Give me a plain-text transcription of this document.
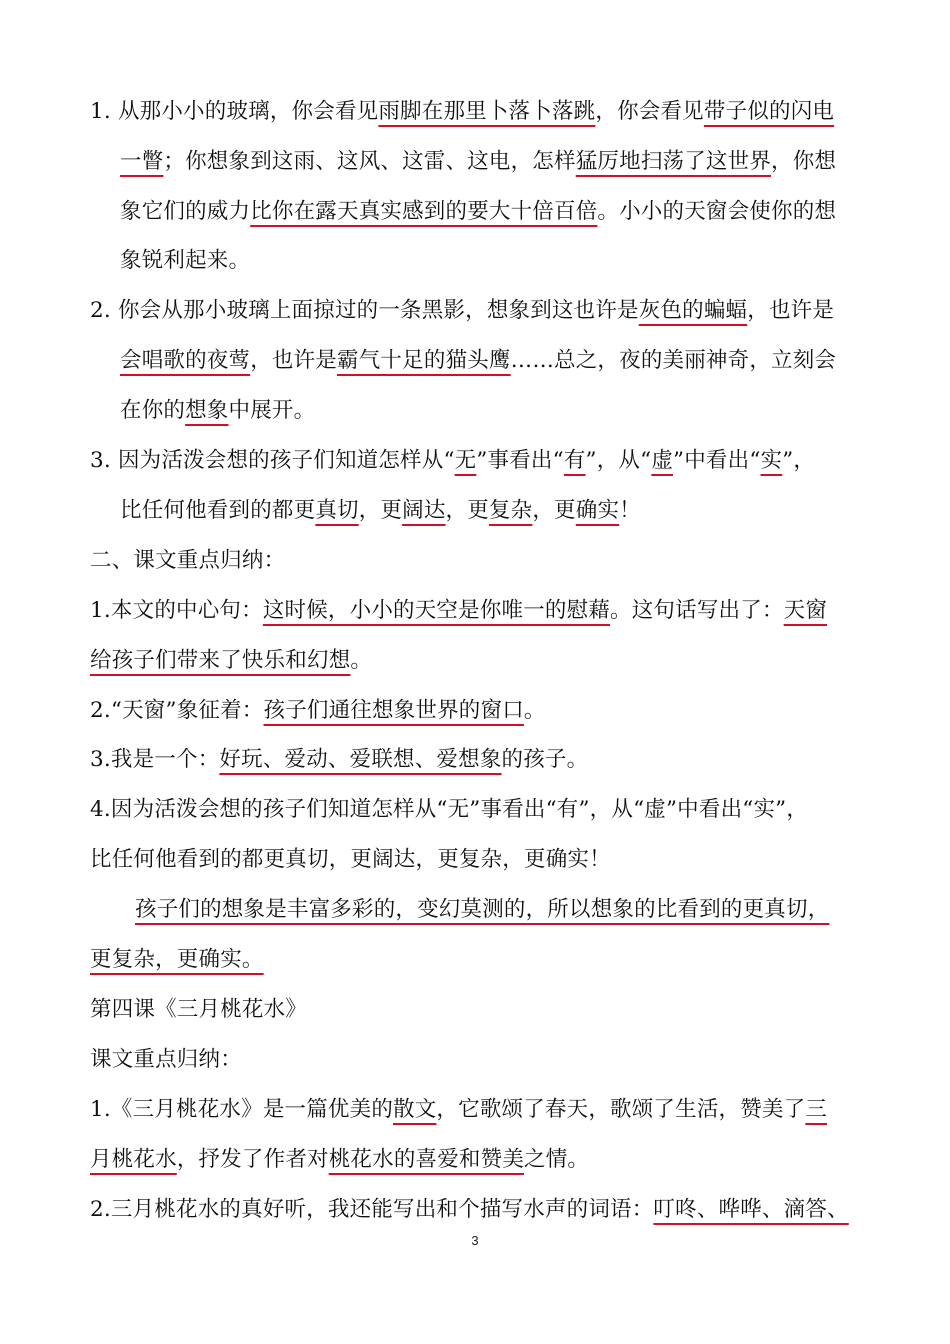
1. 从那小小的玻璃，你会看见雨脚在那里卜落卜落跳，你会看见带子似的闪电
一瞥；你想象到这雨、这风、这雷、这电，怎样猛厉地扫荡了这世界，你想
象它们的威力比你在露天真实感到的要大十倍百倍。小小的天窗会使你的想
象锐利起来。
2. 你会从那小玻璃上面掠过的一条黑影，想象到这也许是灰色的蝙蝠，也许是
会唱歌的夜莺，也许是霸气十足的猫头鹰……总之，夜的美丽神奇，立刻会
在你的想象中展开。
3. 因为活泼会想的孩子们知道怎样从“无”事看出“有”，从“虚”中看出“实”，
比任何他看到的都更真切，更阔达，更复杂，更确实！
二、课文重点归纳：
1.本文的中心句：这时候，小小的天空是你唯一的慰藉。这句话写出了：天窗
给孩子们带来了快乐和幻想。
2.“天窗”象征着：孩子们通往想象世界的窗口。
3.我是一个：好玩、爱动、爱联想、爱想象的孩子。
4.因为活泼会想的孩子们知道怎样从“无”事看出“有”，从“虚”中看出“实”，
比任何他看到的都更真切，更阔达，更复杂，更确实！
孩子们的想象是丰富多彩的，变幻莫测的，所以想象的比看到的更真切，
更复杂，更确实。
第四课《三月桃花水》
课文重点归纳：
1.《三月桃花水》是一篇优美的散文，它歌颂了春天，歌颂了生活，赞美了三
月桃花水，抒发了作者对桃花水的喜爱和赞美之情。
2.三月桃花水的真好听，我还能写出和个描写水声的词语：叮咚、哗哗、滴答、
3
